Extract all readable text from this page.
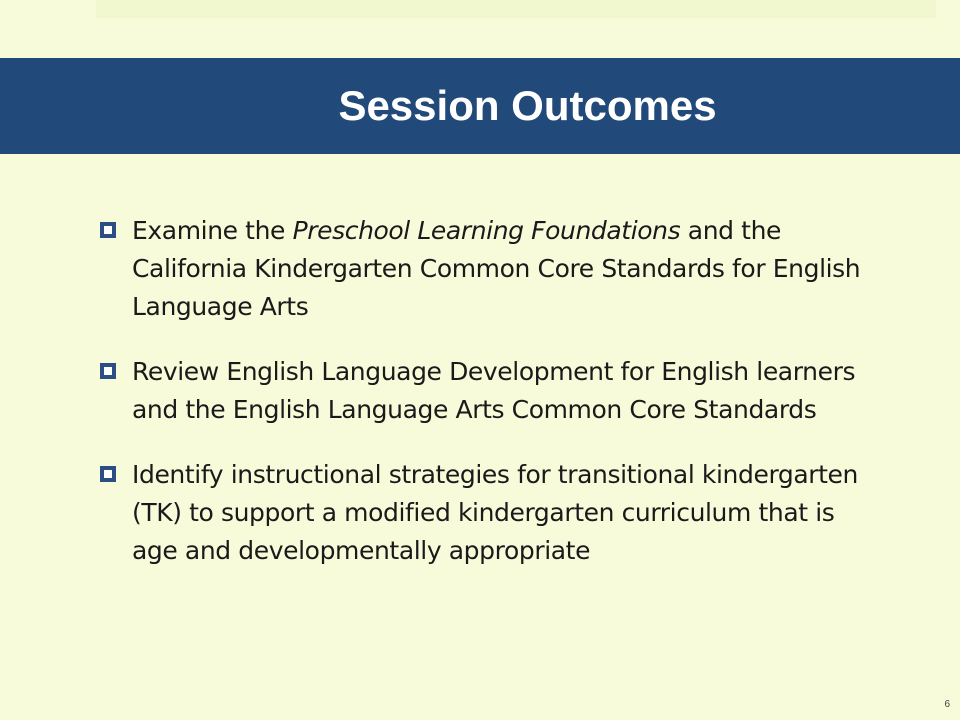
Session Outcomes
Examine the Preschool Learning Foundations and the California Kindergarten Common Core Standards for English Language Arts
Review English Language Development for English learners and the English Language Arts Common Core Standards
Identify instructional strategies for transitional kindergarten (TK) to support a modified kindergarten curriculum that is age and developmentally appropriate
6
